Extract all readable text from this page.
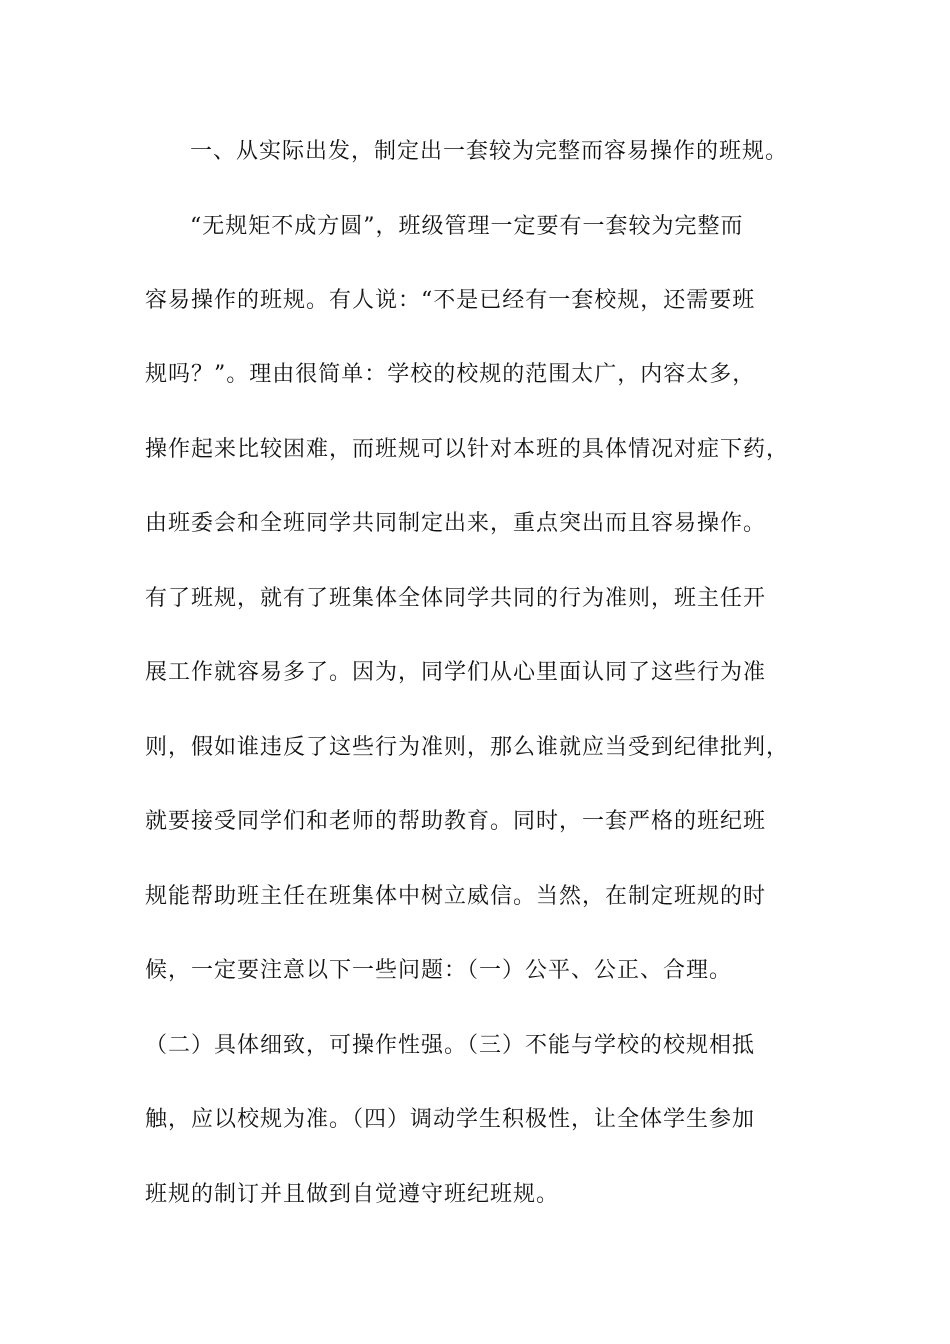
一、从实际出发，制定出一套较为完整而容易操作的班规。
“无规矩不成方圆”，班级管理一定要有一套较为完整而
容易操作的班规。有人说：“不是已经有一套校规，还需要班
规吗？”。理由很简单：学校的校规的范围太广，内容太多，
操作起来比较困难，而班规可以针对本班的具体情况对症下药，
由班委会和全班同学共同制定出来，重点突出而且容易操作。
有了班规，就有了班集体全体同学共同的行为准则，班主任开
展工作就容易多了。因为，同学们从心里面认同了这些行为准
则，假如谁违反了这些行为准则，那么谁就应当受到纪律批判，
就要接受同学们和老师的帮助教育。同时，一套严格的班纪班
规能帮助班主任在班集体中树立威信。当然，在制定班规的时
候，一定要注意以下一些问题：（一）公平、公正、合理。
（二）具体细致，可操作性强。（三）不能与学校的校规相抵
触，应以校规为准。（四）调动学生积极性，让全体学生参加
班规的制订并且做到自觉遵守班纪班规。
